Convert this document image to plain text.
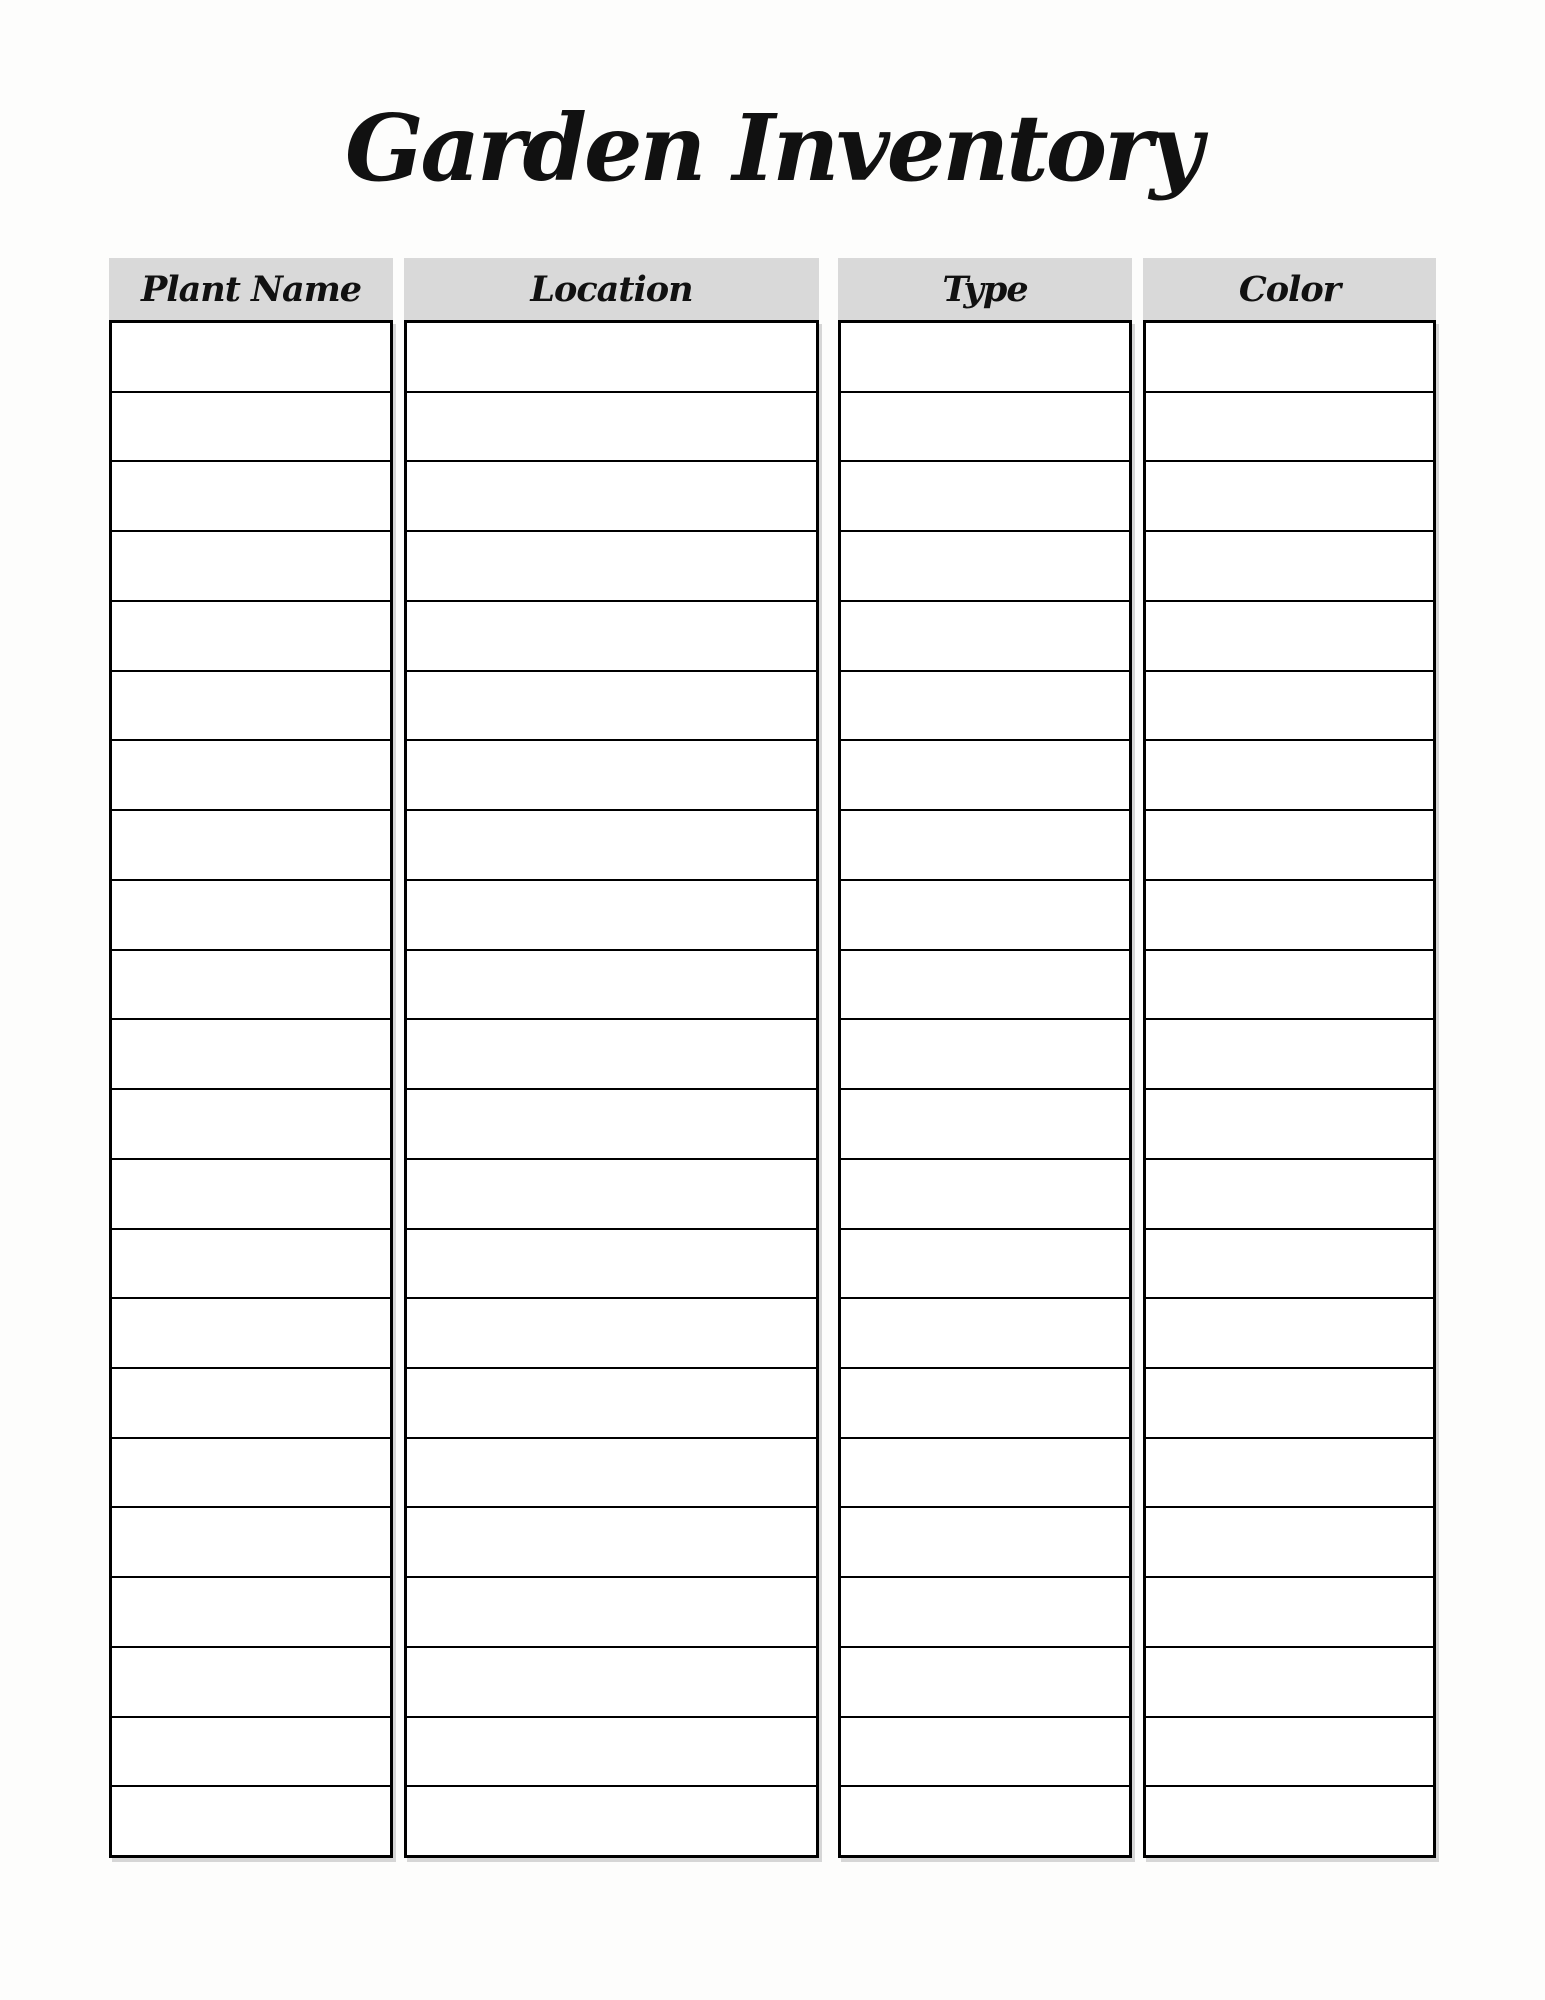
Garden Inventory
Plant Name	Location	Type	Color
